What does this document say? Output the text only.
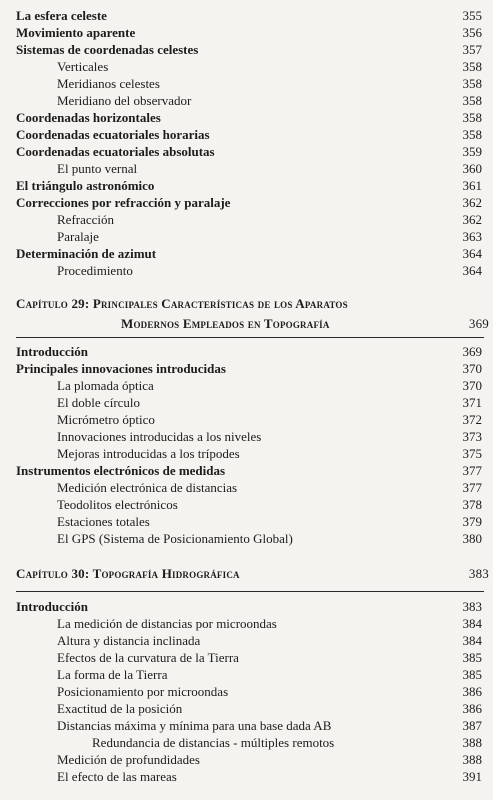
La esfera celeste	355
Movimiento aparente	356
Sistemas de coordenadas celestes	357
Verticales	358
Meridianos celestes	358
Meridiano del observador	358
Coordenadas horizontales	358
Coordenadas ecuatoriales horarias	358
Coordenadas ecuatoriales absolutas	359
El punto vernal	360
El triángulo astronómico	361
Correcciones por refracción y paralaje	362
Refracción	362
Paralaje	363
Determinación de azimut	364
Procedimiento	364
Capítulo 29: Principales Características de los Aparatos
Modernos Empleados en Topografía	369
Introducción	369
Principales innovaciones introducidas	370
La plomada óptica	370
El doble círculo	371
Micrómetro óptico	372
Innovaciones introducidas a los niveles	373
Mejoras introducidas a los trípodes	375
Instrumentos electrónicos de medidas	377
Medición electrónica de distancias	377
Teodolitos electrónicos	378
Estaciones totales	379
El GPS (Sistema de Posicionamiento Global)	380
Capítulo 30: Topografía Hidrográfica	383
Introducción	383
La medición de distancias por microondas	384
Altura y distancia inclinada	384
Efectos de la curvatura de la Tierra	385
La forma de la Tierra	385
Posicionamiento por microondas	386
Exactitud de la posición	386
Distancias máxima y mínima para una base dada AB	387
Redundancia de distancias - múltiples remotos	388
Medición de profundidades	388
El efecto de las mareas	391
